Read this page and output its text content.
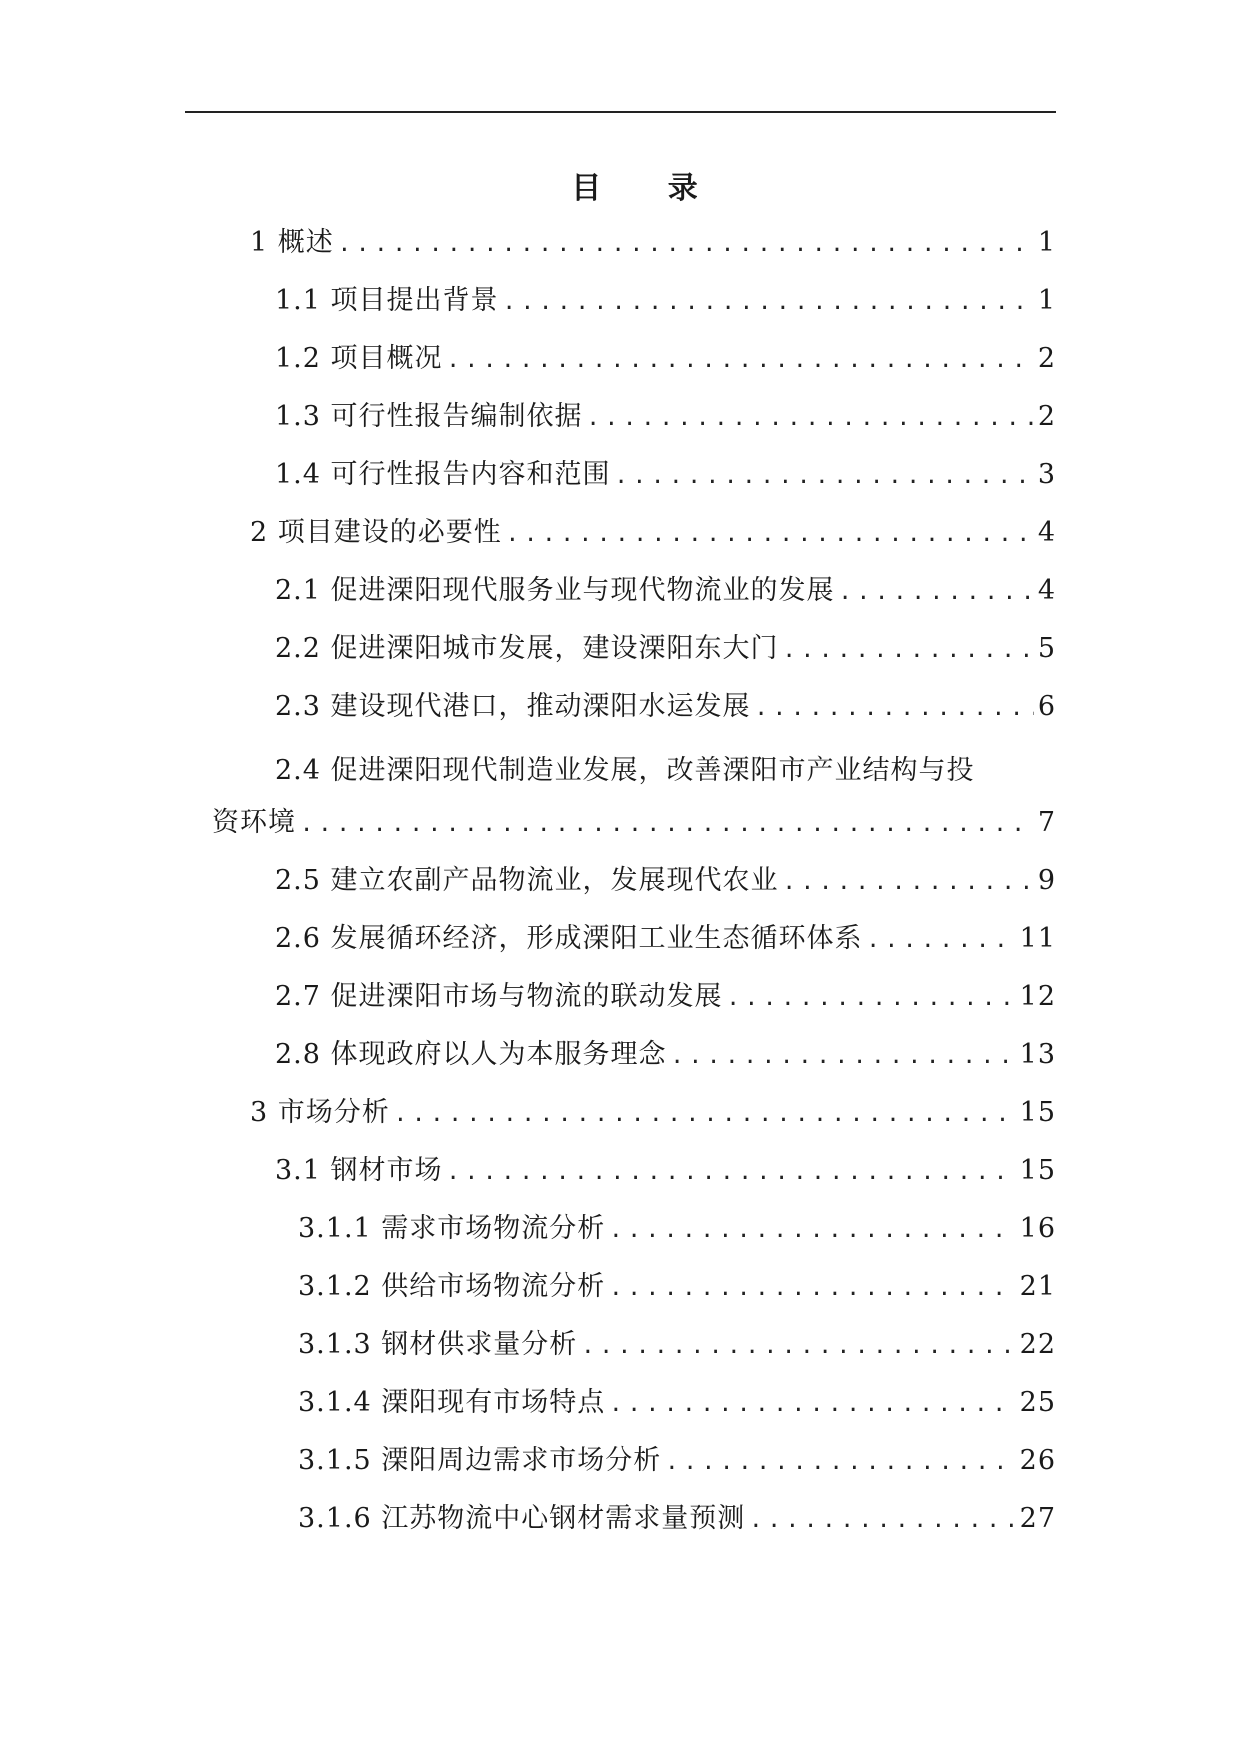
目 录
1 概述 .....	1
1.1 项目提出背景 .....	1
1.2 项目概况 .....	2
1.3 可行性报告编制依据 .....	2
1.4 可行性报告内容和范围 .....	3
2 项目建设的必要性 .....	4
2.1 促进溧阳现代服务业与现代物流业的发展 .....	4
2.2 促进溧阳城市发展，建设溧阳东大门 .....	5
2.3 建设现代港口，推动溧阳水运发展 .....	6
2.4 促进溧阳现代制造业发展，改善溧阳市产业结构与投
资环境 .....	7
2.5 建立农副产品物流业，发展现代农业 .....	9
2.6 发展循环经济，形成溧阳工业生态循环体系 .....	11
2.7 促进溧阳市场与物流的联动发展 .....	12
2.8 体现政府以人为本服务理念 .....	13
3 市场分析 .....	15
3.1 钢材市场 .....	15
3.1.1 需求市场物流分析 .....	16
3.1.2 供给市场物流分析 .....	21
3.1.3 钢材供求量分析 .....	22
3.1.4 溧阳现有市场特点 .....	25
3.1.5 溧阳周边需求市场分析 .....	26
3.1.6 江苏物流中心钢材需求量预测 .....	27
